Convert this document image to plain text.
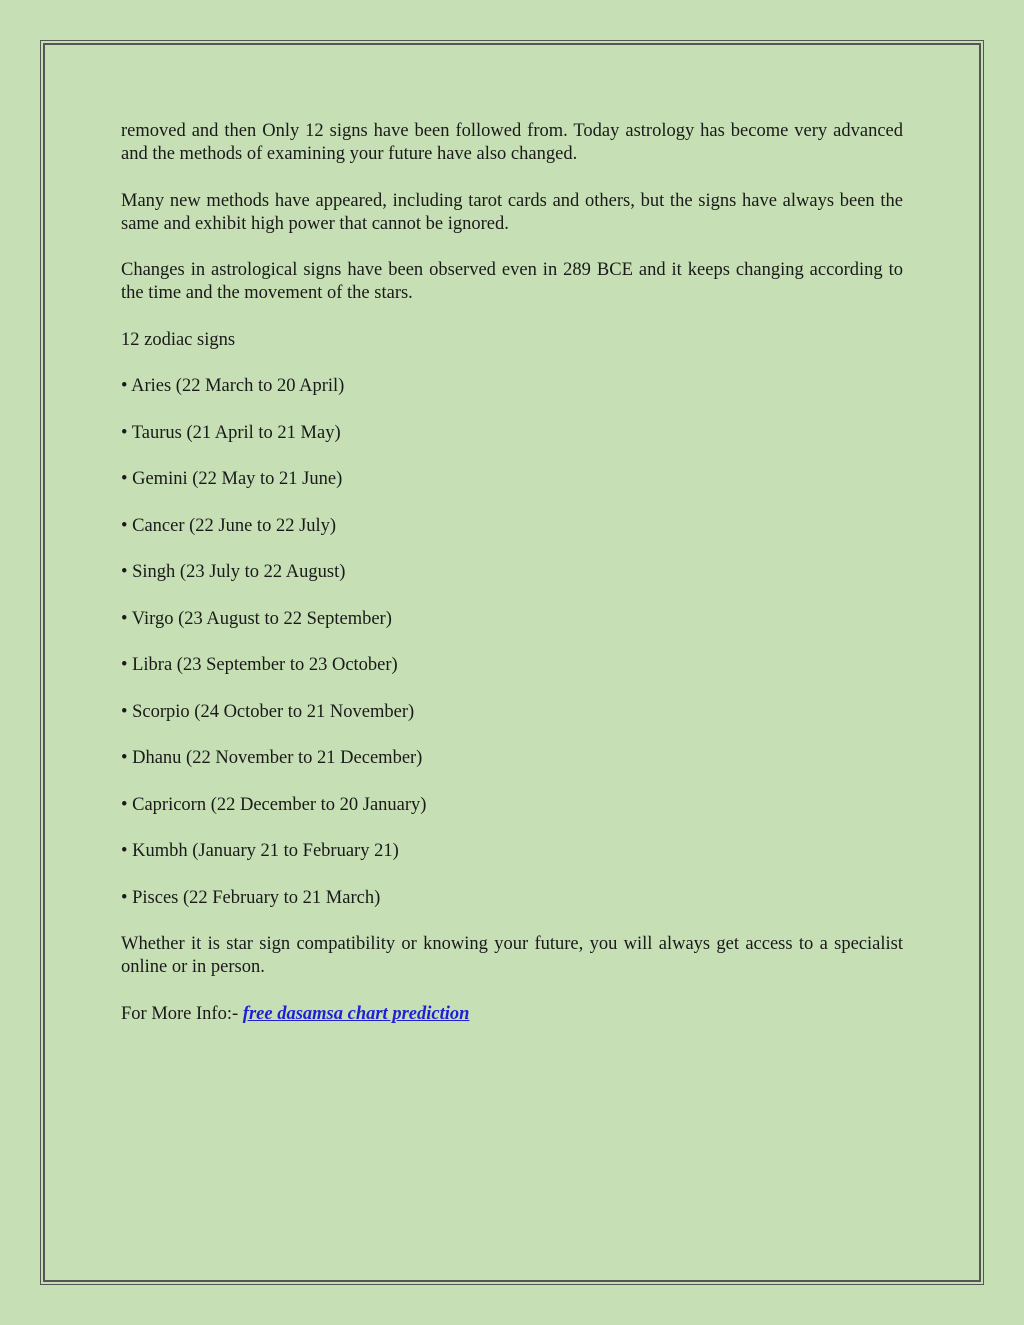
removed and then Only 12 signs have been followed from. Today astrology has become very advanced and the methods of examining your future have also changed.

Many new methods have appeared, including tarot cards and others, but the signs have always been the same and exhibit high power that cannot be ignored.

Changes in astrological signs have been observed even in 289 BCE and it keeps changing according to the time and the movement of the stars.

12 zodiac signs

• Aries (22 March to 20 April)

• Taurus (21 April to 21 May)

• Gemini (22 May to 21 June)

• Cancer (22 June to 22 July)

• Singh (23 July to 22 August)

• Virgo (23 August to 22 September)

• Libra (23 September to 23 October)

• Scorpio (24 October to 21 November)

• Dhanu (22 November to 21 December)

• Capricorn (22 December to 20 January)

• Kumbh (January 21 to February 21)

• Pisces (22 February to 21 March)

Whether it is star sign compatibility or knowing your future, you will always get access to a specialist online or in person.

For More Info:- free dasamsa chart prediction
